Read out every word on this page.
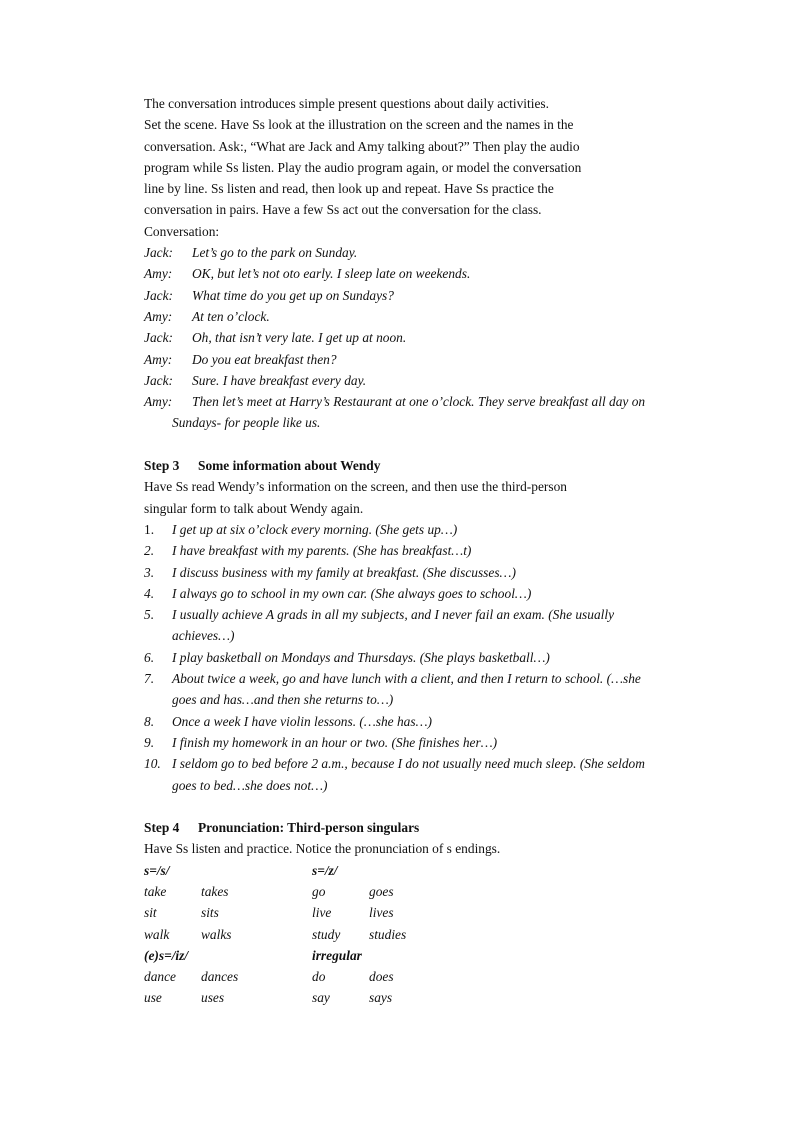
The conversation introduces simple present questions about daily activities.
Set the scene. Have Ss look at the illustration on the screen and the names in the
conversation. Ask:, “What are Jack and Amy talking about?” Then play the audio
program while Ss listen. Play the audio program again, or model the conversation
line by line. Ss listen and read, then look up and repeat. Have Ss practice the
conversation in pairs. Have a few Ss act out the conversation for the class.
Conversation:
Jack:	Let’s go to the park on Sunday.
Amy:	OK, but let’s not oto early. I sleep late on weekends.
Jack:	What time do you get up on Sundays?
Amy:	At ten o’clock.
Jack:	Oh, that isn’t very late. I get up at noon.
Amy:	Do you eat breakfast then?
Jack:	Sure. I have breakfast every day.
Amy:	Then let’s meet at Harry’s Restaurant at one o’clock. They serve breakfast all day on
Sundays- for people like us.
Step 3 Some information about Wendy
Have Ss read Wendy’s information on the screen, and then use the third-person
singular form to talk about Wendy again.
1. I get up at six o’clock every morning. (She gets up…)
2. I have breakfast with my parents. (She has breakfast…t)
3. I discuss business with my family at breakfast. (She discusses…)
4. I always go to school in my own car. (She always goes to school…)
5. I usually achieve A grads in all my subjects, and I never fail an exam. (She usually
achieves…)
6. I play basketball on Mondays and Thursdays. (She plays basketball…)
7. About twice a week, go and have lunch with a client, and then I return to school. (…she
goes and has…and then she returns to…)
8. Once a week I have violin lessons. (…she has…)
9. I finish my homework in an hour or two. (She finishes her…)
10. I seldom go to bed before 2 a.m., because I do not usually need much sleep. (She seldom
goes to bed…she does not…)
Step 4 Pronunciation: Third-person singulars
Have Ss listen and practice. Notice the pronunciation of s endings.
s=/s/	s=/z/
take	takes	go	goes
sit	sits	live	lives
walk	walks	study	studies
(e)s=/iz/	irregular
dance	dances	do	does
use	uses	say	says
